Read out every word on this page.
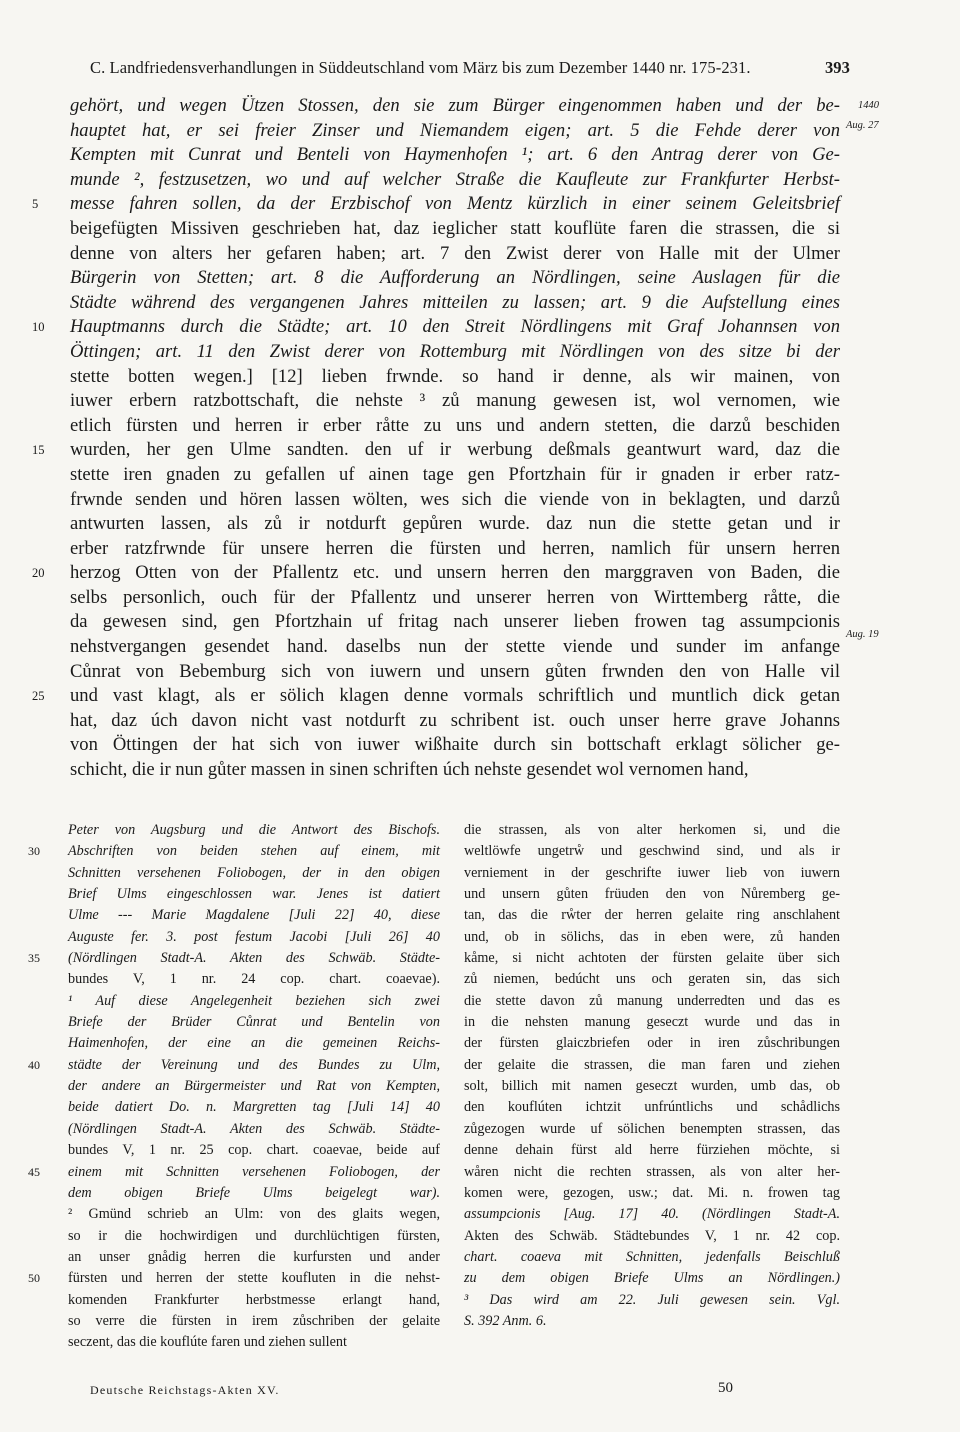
C. Landfriedensverhandlungen in Süddeutschland vom März bis zum Dezember 1440 nr. 175-231.	393
1440
Aug. 27
Aug. 19
gehört, und wegen Ützen Stossen, den sie zum Bürger eingenommen haben und der be-
hauptet hat, er sei freier Zinser und Niemandem eigen; art. 5 die Fehde derer von
Kempten mit Cunrat und Benteli von Haymenhofen ¹; art. 6 den Antrag derer von Ge-
munde ², festzusetzen, wo und auf welcher Straße die Kaufleute zur Frankfurter Herbst-
messe fahren sollen, da der Erzbischof von Mentz kürzlich in einer seinem Geleitsbrief
5
beigefügten Missiven geschrieben hat, daz ieglicher statt kouflüte faren die strassen, die si
denne von alters her gefaren haben; art. 7 den Zwist derer von Halle mit der Ulmer
Bürgerin von Stetten; art. 8 die Aufforderung an Nördlingen, seine Auslagen für die
Städte während des vergangenen Jahres mitteilen zu lassen; art. 9 die Aufstellung eines
Hauptmanns durch die Städte; art. 10 den Streit Nördlingens mit Graf Johannsen von
10
Öttingen; art. 11 den Zwist derer von Rottemburg mit Nördlingen von des sitze bi der
stette botten wegen.] [12] lieben frwnde. so hand ir denne, als wir mainen, von
iuwer erbern ratzbottschaft, die nehste ³ zů manung gewesen ist, wol vernomen, wie
etlich fürsten und herren ir erber råtte zu uns und andern stetten, die darzů beschiden
wurden, her gen Ulme sandten. den uf ir werbung deßmals geantwurt ward, daz die
15
stette iren gnaden zu gefallen uf ainen tage gen Pfortzhain für ir gnaden ir erber ratz-
frwnde senden und hören lassen wölten, wes sich die viende von in beklagten, und darzů
antwurten lassen, als zů ir notdurft gepůren wurde. daz nun die stette getan und ir
erber ratzfrwnde für unsere herren die fürsten und herren, namlich für unsern herren
herzog Otten von der Pfallentz etc. und unsern herren den marggraven von Baden, die
20
selbs personlich, ouch für der Pfallentz und unserer herren von Wirttemberg råtte, die
da gewesen sind, gen Pfortzhain uf fritag nach unserer lieben frowen tag assumpcionis
nehstvergangen gesendet hand. daselbs nun der stette viende und sunder im anfange
Cůnrat von Bebemburg sich von iuwern und unsern gůten frwnden den von Halle vil
und vast klagt, als er sölich klagen denne vormals schriftlich und muntlich dick getan
25
hat, daz úch davon nicht vast notdurft zu schribent ist. ouch unser herre grave Johanns
von Öttingen der hat sich von iuwer wißhaite durch sin bottschaft erklagt sölicher ge-
schicht, die ir nun gůter massen in sinen schriften úch nehste gesendet wol vernomen hand,
Peter von Augsburg und die Antwort des Bischofs.
Abschriften von beiden stehen auf einem, mit
30
Schnitten versehenen Foliobogen, der in den obigen
Brief Ulms eingeschlossen war. Jenes ist datiert
Ulme --- Marie Magdalene [Juli 22] 40, diese
Auguste fer. 3. post festum Jacobi [Juli 26] 40
(Nördlingen Stadt-A. Akten des Schwäb. Städte-
35
bundes V, 1 nr. 24 cop. chart. coaevae).
¹ Auf diese Angelegenheit beziehen sich zwei
Briefe der Brüder Cůnrat und Bentelin von
Haimenhofen, der eine an die gemeinen Reichs-
städte der Vereinung und des Bundes zu Ulm,
40
der andere an Bürgermeister und Rat von Kempten,
beide datiert Do. n. Margretten tag [Juli 14] 40
(Nördlingen Stadt-A. Akten des Schwäb. Städte-
bundes V, 1 nr. 25 cop. chart. coaevae, beide auf
einem mit Schnitten versehenen Foliobogen, der
45
dem obigen Briefe Ulms beigelegt war).
² Gmünd schrieb an Ulm: von des glaits wegen,
so ir die hochwirdigen und durchlüchtigen fürsten,
an unser gnådig herren die kurfursten und ander
fürsten und herren der stette koufluten in die nehst-
50
komenden Frankfurter herbstmesse erlangt hand,
so verre die fürsten in irem zůschriben der gelaite
seczent, das die kouflúte faren und ziehen sullent
die strassen, als von alter herkomen si, und die
weltlöwfe ungetrẘ und geschwind sind, und als ir
verniement in der geschrifte iuwer lieb von iuwern
und unsern gůten früuden den von Nůremberg ge-
tan, das die rẘter der herren gelaite ring anschlahent
und, ob in sölichs, das in eben were, zů handen
kåme, si nicht achtoten der fürsten gelaite über sich
zů niemen, bedúcht uns och geraten sin, das sich
die stette davon zů manung underredten und das es
in die nehsten manung geseczt wurde und das in
der fürsten glaiczbriefen oder in iren zůschribungen
der gelaite die strassen, die man faren und ziehen
solt, billich mit namen geseczt wurden, umb das, ob
den kouflúten ichtzit unfrúntlichs und schådlichs
zůgezogen wurde uf sölichen benempten strassen, das
denne dehain fürst ald herre fürziehen möchte, si
wåren nicht die rechten strassen, als von alter her-
komen were, gezogen, usw.; dat. Mi. n. frowen tag
assumpcionis [Aug. 17] 40. (Nördlingen Stadt-A.
Akten des Schwäb. Städtebundes V, 1 nr. 42 cop.
chart. coaeva mit Schnitten, jedenfalls Beischluß
zu dem obigen Briefe Ulms an Nördlingen.)
³ Das wird am 22. Juli gewesen sein. Vgl.
S. 392 Anm. 6.
Deutsche Reichstags-Akten XV.	50
